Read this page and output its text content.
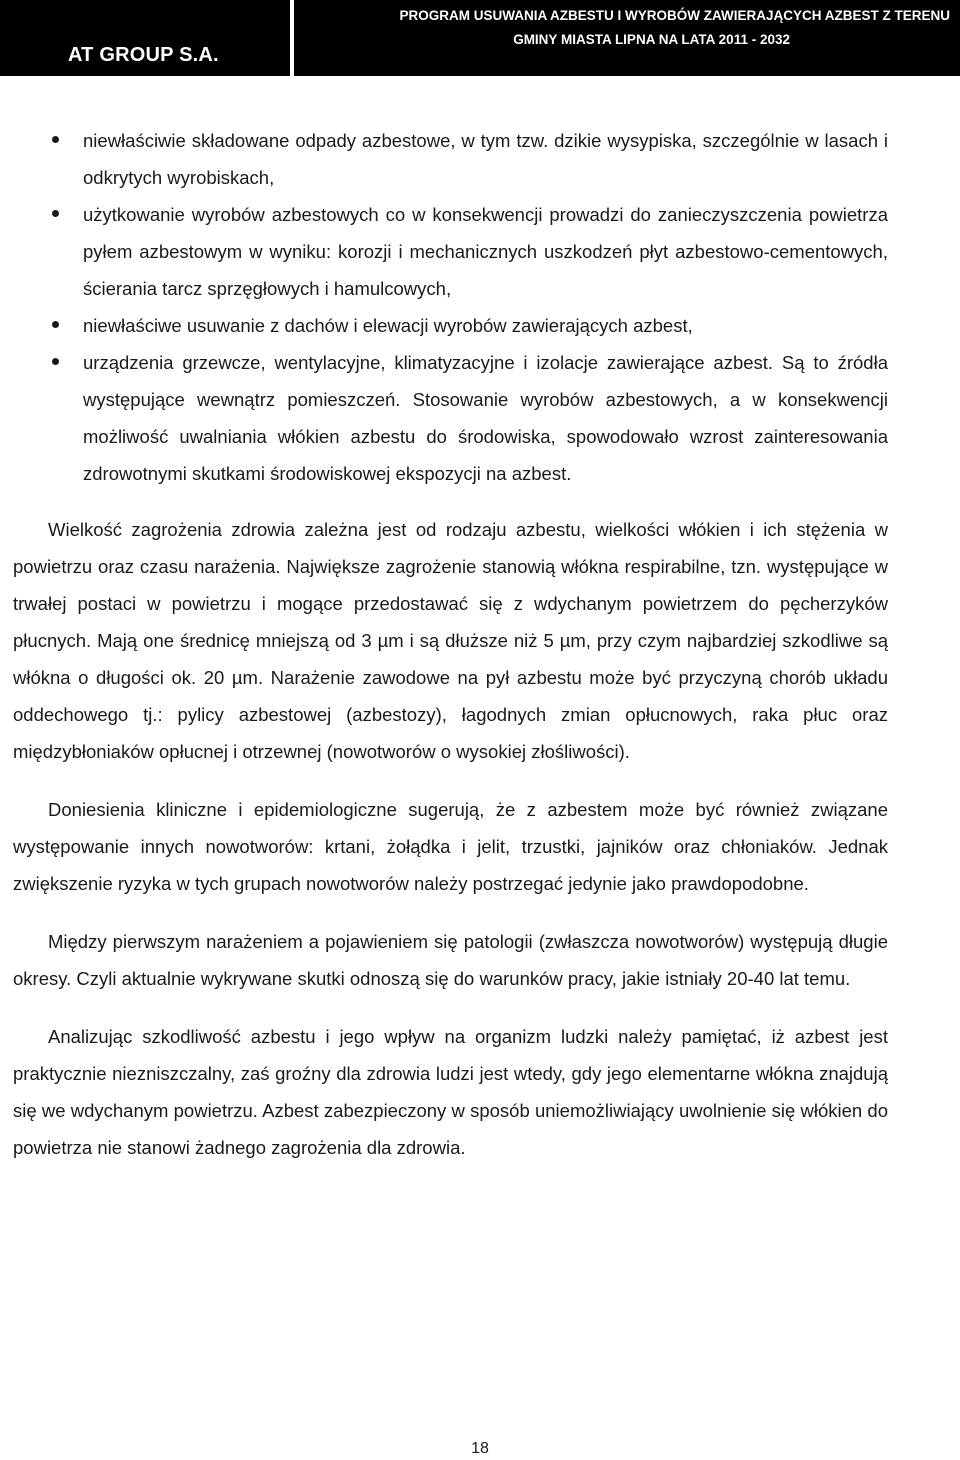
AT GROUP S.A.
PROGRAM USUWANIA AZBESTU I WYROBÓW ZAWIERAJĄCYCH AZBEST Z TERENU
GMINY MIASTA LIPNA NA LATA 2011 - 2032
niewłaściwie składowane odpady azbestowe, w tym tzw. dzikie wysypiska, szczególnie w lasach i odkrytych wyrobiskach,
użytkowanie wyrobów azbestowych co w konsekwencji prowadzi do zanieczyszczenia powietrza pyłem azbestowym w wyniku: korozji i mechanicznych uszkodzeń płyt azbestowo-cementowych, ścierania tarcz sprzęgłowych i hamulcowych,
niewłaściwe usuwanie z dachów i elewacji wyrobów zawierających azbest,
urządzenia grzewcze, wentylacyjne, klimatyzacyjne i izolacje zawierające azbest. Są to źródła występujące wewnątrz pomieszczeń. Stosowanie wyrobów azbestowych, a w konsekwencji możliwość uwalniania włókien azbestu do środowiska, spowodowało wzrost zainteresowania zdrowotnymi skutkami środowiskowej ekspozycji na azbest.

Wielkość zagrożenia zdrowia zależna jest od rodzaju azbestu, wielkości włókien i ich stężenia w powietrzu oraz czasu narażenia. Największe zagrożenie stanowią włókna respirabilne, tzn. występujące w trwałej postaci w powietrzu i mogące przedostawać się z wdychanym powietrzem do pęcherzyków płucnych. Mają one średnicę mniejszą od 3 µm i są dłuższe niż 5 µm, przy czym najbardziej szkodliwe są włókna o długości ok. 20 µm. Narażenie zawodowe na pył azbestu może być przyczyną chorób układu oddechowego tj.: pylicy azbestowej (azbestozy), łagodnych zmian opłucnowych, raka płuc oraz międzybłoniaków opłucnej i otrzewnej (nowotworów o wysokiej złośliwości).

Doniesienia kliniczne i epidemiologiczne sugerują, że z azbestem może być również związane występowanie innych nowotworów: krtani, żołądka i jelit, trzustki, jajników oraz chłoniaków. Jednak zwiększenie ryzyka w tych grupach nowotworów należy postrzegać jedynie jako prawdopodobne.

Między pierwszym narażeniem a pojawieniem się patologii (zwłaszcza nowotworów) występują długie okresy. Czyli aktualnie wykrywane skutki odnoszą się do warunków pracy, jakie istniały 20-40 lat temu.

Analizując szkodliwość azbestu i jego wpływ na organizm ludzki należy pamiętać, iż azbest jest praktycznie niezniszczalny, zaś groźny dla zdrowia ludzi jest wtedy, gdy jego elementarne włókna znajdują się we wdychanym powietrzu. Azbest zabezpieczony w sposób uniemożliwiający uwolnienie się włókien do powietrza nie stanowi żadnego zagrożenia dla zdrowia.

18
